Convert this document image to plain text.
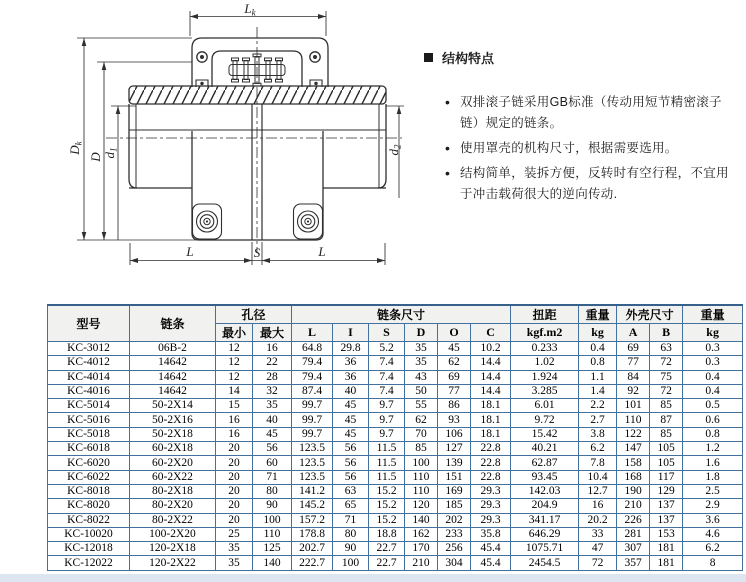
Lk
Dk
D d1	d2
L	S	L
结构特点
• 双排滚子链采用GB标准（传动用短节精密滚子链）规定的链条。
• 使用罩壳的机构尺寸，根据需要选用。
• 结构简单，装拆方便，反转时有空行程，不宜用于冲击载荷很大的逆向传动.
型号	链条	孔径		链条尺寸						扭距	重量	外壳尺寸		重量
		最小	最大	L	I	S	D	O	C	kgf.m2	kg	A	B	kg
KC-3012	06B-2	12	16	64.8	29.8	5.2	35	45	10.2	0.233	0.4	69	63	0.3
KC-4012	14642	12	22	79.4	36	7.4	35	62	14.4	1.02	0.8	77	72	0.3
KC-4014	14642	12	28	79.4	36	7.4	43	69	14.4	1.924	1.1	84	75	0.4
KC-4016	14642	14	32	87.4	40	7.4	50	77	14.4	3.285	1.4	92	72	0.4
KC-5014	50-2X14	15	35	99.7	45	9.7	55	86	18.1	6.01	2.2	101	85	0.5
KC-5016	50-2X16	16	40	99.7	45	9.7	62	93	18.1	9.72	2.7	110	87	0.6
KC-5018	50-2X18	16	45	99.7	45	9.7	70	106	18.1	15.42	3.8	122	85	0.8
KC-6018	60-2X18	20	56	123.5	56	11.5	85	127	22.8	40.21	6.2	147	105	1.2
KC-6020	60-2X20	20	60	123.5	56	11.5	100	139	22.8	62.87	7.8	158	105	1.6
KC-6022	60-2X22	20	71	123.5	56	11.5	110	151	22.8	93.45	10.4	168	117	1.8
KC-8018	80-2X18	20	80	141.2	63	15.2	110	169	29.3	142.03	12.7	190	129	2.5
KC-8020	80-2X20	20	90	145.2	65	15.2	120	185	29.3	204.9	16	210	137	2.9
KC-8022	80-2X22	20	100	157.2	71	15.2	140	202	29.3	341.17	20.2	226	137	3.6
KC-10020	100-2X20	25	110	178.8	80	18.8	162	233	35.8	646.29	33	281	153	4.6
KC-12018	120-2X18	35	125	202.7	90	22.7	170	256	45.4	1075.71	47	307	181	6.2
KC-12022	120-2X22	35	140	222.7	100	22.7	210	304	45.4	2454.5	72	357	181	8
